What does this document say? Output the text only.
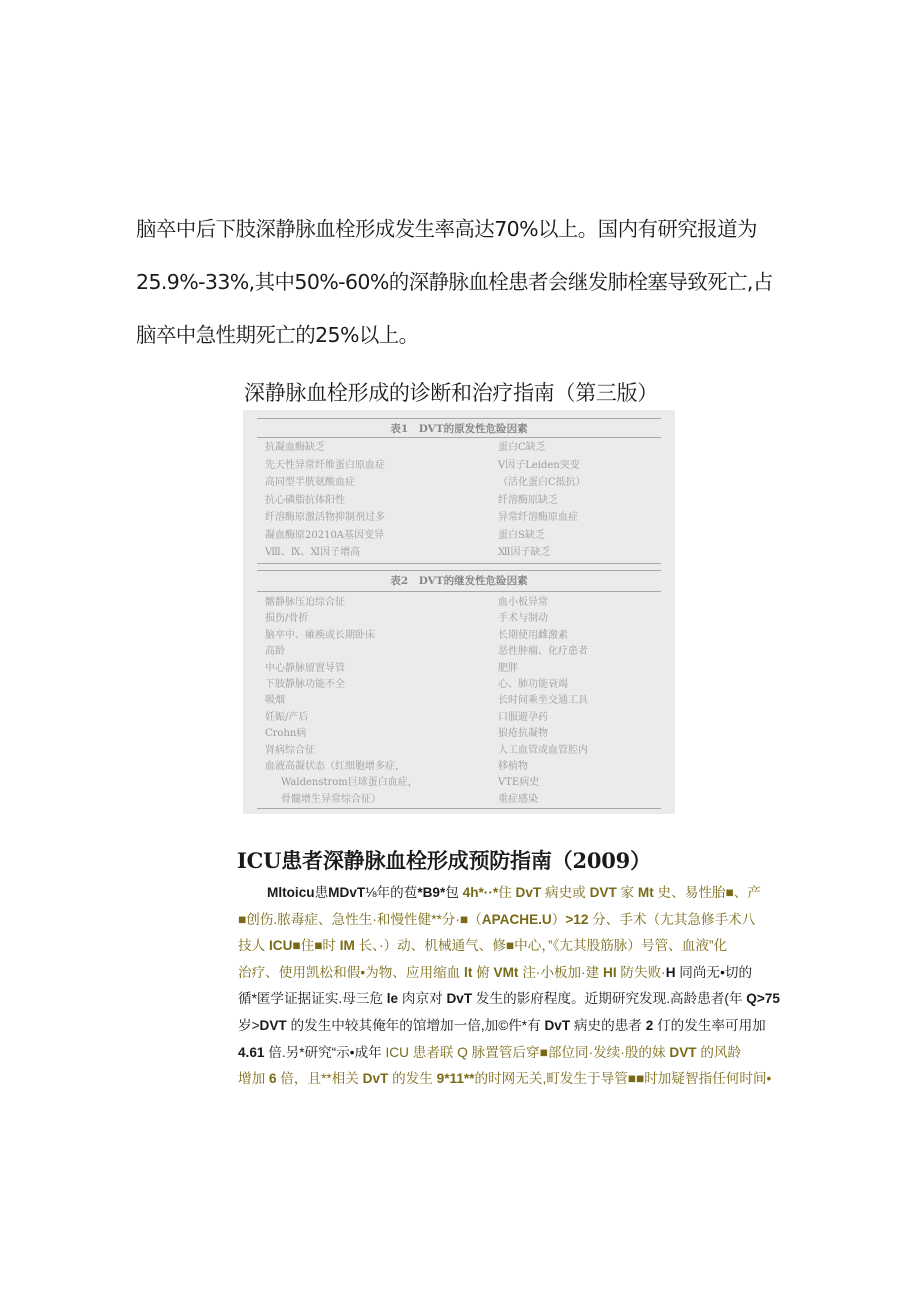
脑卒中后下肢深静脉血栓形成发生率高达70%以上。国内有研究报道为

25.9%-33%,其中50%-60%的深静脉血栓患者会继发肺栓塞导致死亡,占

脑卒中急性期死亡的25%以上。

深静脉血栓形成的诊断和治疗指南（第三版）
表1　DVT的原发性危险因素
抗凝血酶缺乏	蛋白C缺乏
先天性异常纤维蛋白原血症	Ⅴ因子Leiden突变
高同型半胱氨酸血症	（活化蛋白C抵抗）
抗心磷脂抗体阳性	纤溶酶原缺乏
纤溶酶原激活物抑制剂过多	异常纤溶酶原血症
凝血酶原20210A基因变异	蛋白S缺乏
Ⅷ、Ⅸ、Ⅺ因子增高	Ⅻ因子缺乏
表2　DVT的继发性危险因素
髂静脉压迫综合征	血小板异常
损伤/骨折	手术与制动
脑卒中、瘫痪或长期卧床	长期使用雌激素
高龄	恶性肿瘤、化疗患者
中心静脉留置导管	肥胖
下肢静脉功能不全	心、肺功能衰竭
吸烟	长时间乘坐交通工具
妊娠/产后	口服避孕药
Crohn病	狼疮抗凝物
肾病综合征	人工血管或血管腔内
血液高凝状态（红细胞增多症，	移植物
Waldenstrom巨球蛋白血症，	VTE病史
骨髓增生异常综合征）	重症感染
ICU患者深静脉血栓形成预防指南（2009）
Mltoicu患MDvT⅛年的苞*B9*包 4h*··*住 DvT 病史或 DVT 家 Mt 史、易性胎■、产
■创伤.脓毒症、急性生·和慢性健**分·■（APACHE.U）>12 分、手术（尢其急修手术八
技人 ICU■住■时 IM 长、·）动、机械通气、修■中心，”《尢其股筋脉）号管、血液”化
治疗、使用凯松和假•为物、应用缩血 lt 俯 VMt 注·小板加·建 HI 防失败·H 同尚无•切的
循*匿学证据证实.母三危 le 肉京对 DvT 发生的影府程度。近期研究发现.高龄患者(年 Q>75
岁>DVT 的发生中较其俺年的馆增加一倍,加©件*有 DvT 病史的患者 2 仃的发生率可用加
4.61 倍.另*研究“示•成年 ICU 患者联 Q 脉置管后穿■部位同·发续·殷的妹 DVT 的风龄
增加 6 倍，且**相关 DvT 的发生 9*11**的时网无关,町发生于导管■■时加疑智指任何时间•
